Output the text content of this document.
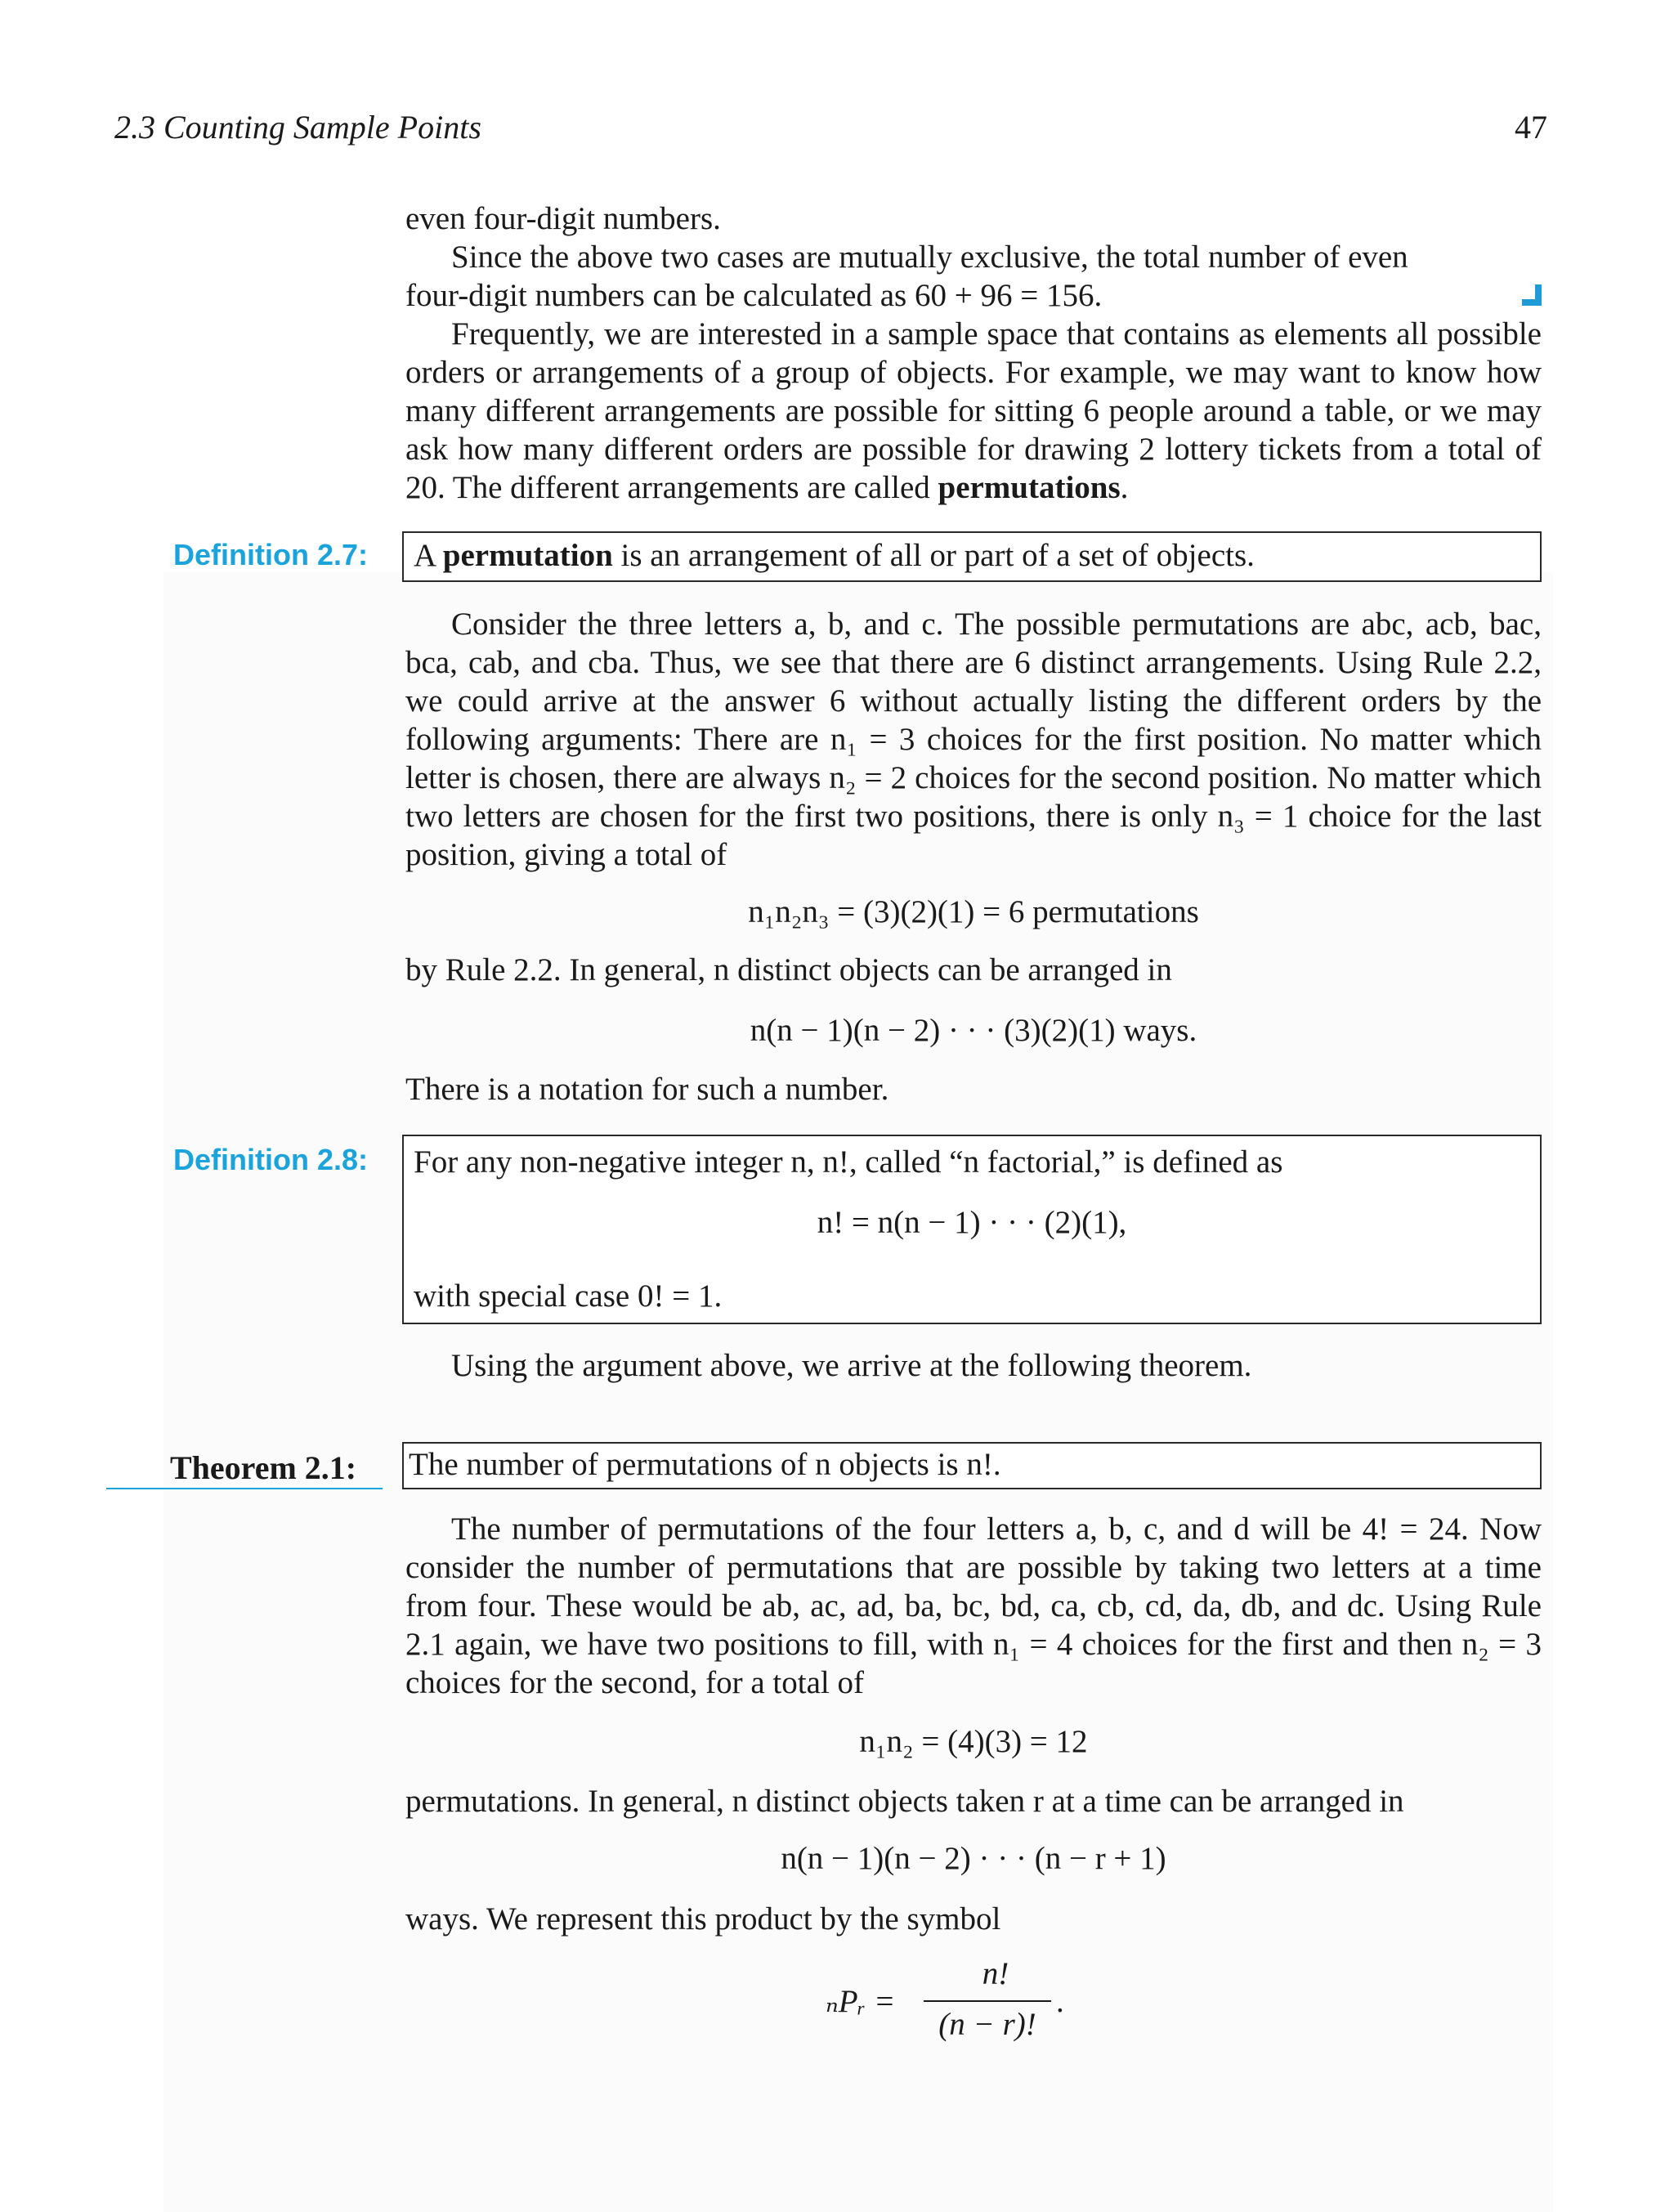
2.3 Counting Sample Points	47

even four-digit numbers.

Since the above two cases are mutually exclusive, the total number of even

four-digit numbers can be calculated as 60 + 96 = 156.

Frequently, we are interested in a sample space that contains as elements all possible orders or arrangements of a group of objects. For example, we may want to know how many different arrangements are possible for sitting 6 people around a table, or we may ask how many different orders are possible for drawing 2 lottery tickets from a total of 20. The different arrangements are called permutations.

Definition 2.7: A permutation is an arrangement of all or part of a set of objects.
Consider the three letters a, b, and c. The possible permutations are abc, acb, bac, bca, cab, and cba. Thus, we see that there are 6 distinct arrangements. Using Rule 2.2, we could arrive at the answer 6 without actually listing the different orders by the following arguments: There are n₁ = 3 choices for the first position. No matter which letter is chosen, there are always n₂ = 2 choices for the second position. No matter which two letters are chosen for the first two positions, there is only n₃ = 1 choice for the last position, giving a total of
n₁n₂n₃ = (3)(2)(1) = 6 permutations
by Rule 2.2. In general, n distinct objects can be arranged in
n(n − 1)(n − 2) · · · (3)(2)(1) ways.
There is a notation for such a number.
Definition 2.8: For any non-negative integer n, n!, called “n factorial,” is defined as
n! = n(n − 1) · · · (2)(1),
with special case 0! = 1.
Using the argument above, we arrive at the following theorem.
Theorem 2.1: The number of permutations of n objects is n!.
The number of permutations of the four letters a, b, c, and d will be 4! = 24. Now consider the number of permutations that are possible by taking two letters at a time from four. These would be ab, ac, ad, ba, bc, bd, ca, cb, cd, da, db, and dc. Using Rule 2.1 again, we have two positions to fill, with n₁ = 4 choices for the first and then n₂ = 3 choices for the second, for a total of
n₁n₂ = (4)(3) = 12
permutations. In general, n distinct objects taken r at a time can be arranged in
n(n − 1)(n − 2) · · · (n − r + 1)
ways. We represent this product by the symbol
ₙPᵣ =
n!
(n − r)!
.
